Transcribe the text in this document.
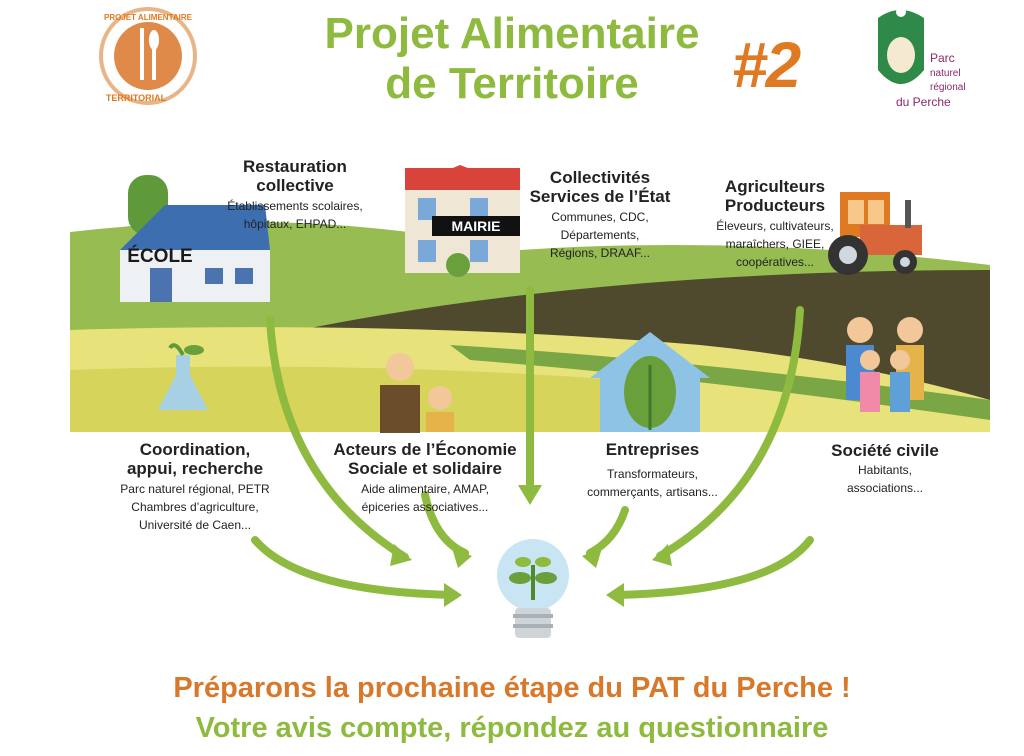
Projet Alimentaire
de Territoire	#2
PROJET ALIMENTAIRE
TERRITORIAL
Parc
naturel
régional
du Perche
ÉCOLE
MAIRIE
Restauration
collective
Établissements scolaires,
hôpitaux, EHPAD...
Collectivités
Services de l’État
Communes, CDC,
Départements,
Régions, DRAAF...
Agriculteurs
Producteurs
Éleveurs, cultivateurs,
maraîchers, GIEE,
coopératives...
Coordination,
appui, recherche
Parc naturel régional, PETR
Chambres d’agriculture,
Université de Caen...
Acteurs de l’Économie
Sociale et solidaire
Aide alimentaire, AMAP,
épiceries associatives...
Entreprises
Transformateurs,
commerçants, artisans...
Société civile
Habitants,
associations...
Préparons la prochaine étape du PAT du Perche !
Votre avis compte, répondez au questionnaire
